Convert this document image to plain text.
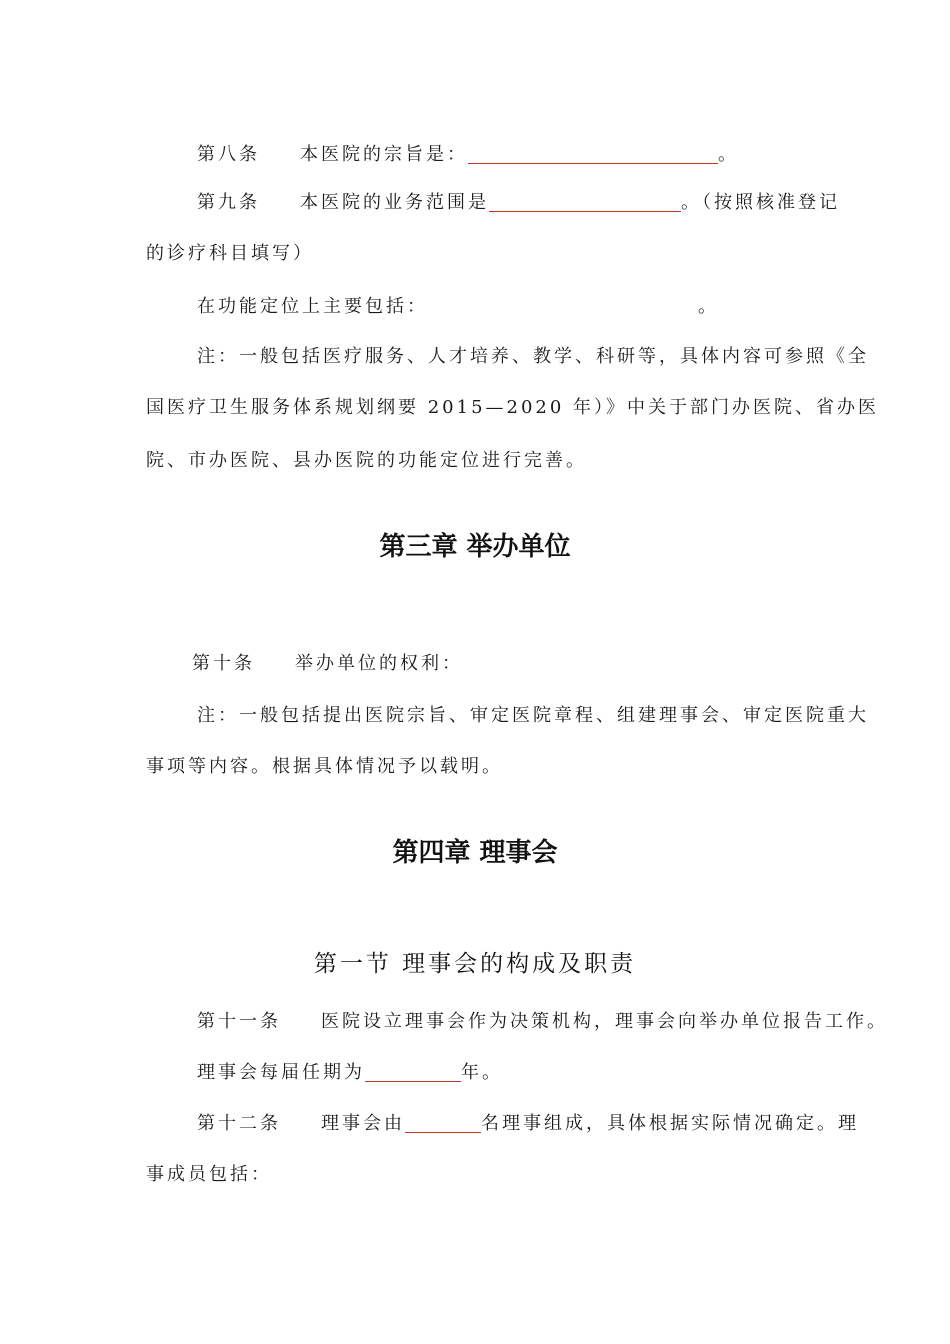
第八条 本医院的宗旨是：	。
第九条 本医院的业务范围是	。（按照核准登记
的诊疗科目填写）
在功能定位上主要包括：	。
注：一般包括医疗服务、人才培养、教学、科研等，具体内容可参照《全
国医疗卫生服务体系规划纲要 2015—2020 年）》中关于部门办医院、省办医
院、市办医院、县办医院的功能定位进行完善。
第三章 举办单位
第十条 举办单位的权利：
注：一般包括提出医院宗旨、审定医院章程、组建理事会、审定医院重大
事项等内容。根据具体情况予以载明。
第四章 理事会
第一节 理事会的构成及职责
第十一条 医院设立理事会作为决策机构，理事会向举办单位报告工作。
理事会每届任期为	年。
第十二条 理事会由	名理事组成，具体根据实际情况确定。理
事成员包括：
